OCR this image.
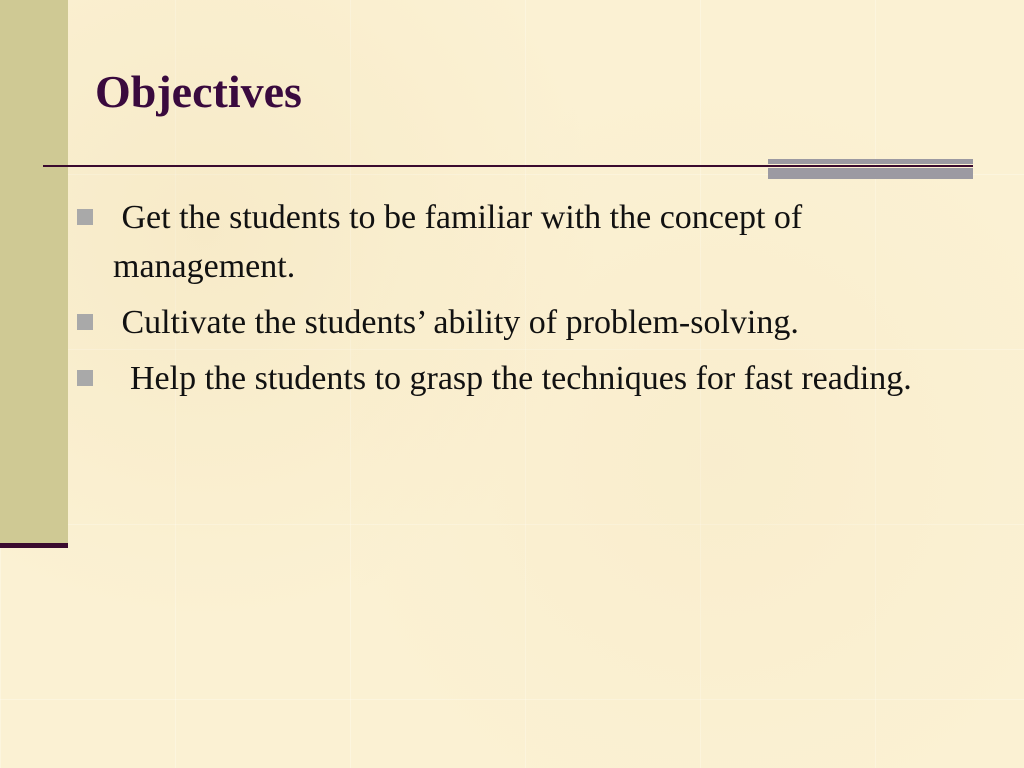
Objectives
Get the students to be familiar with the concept of management.
Cultivate the students’ ability of problem-solving.
Help the students to grasp the techniques for fast reading.
